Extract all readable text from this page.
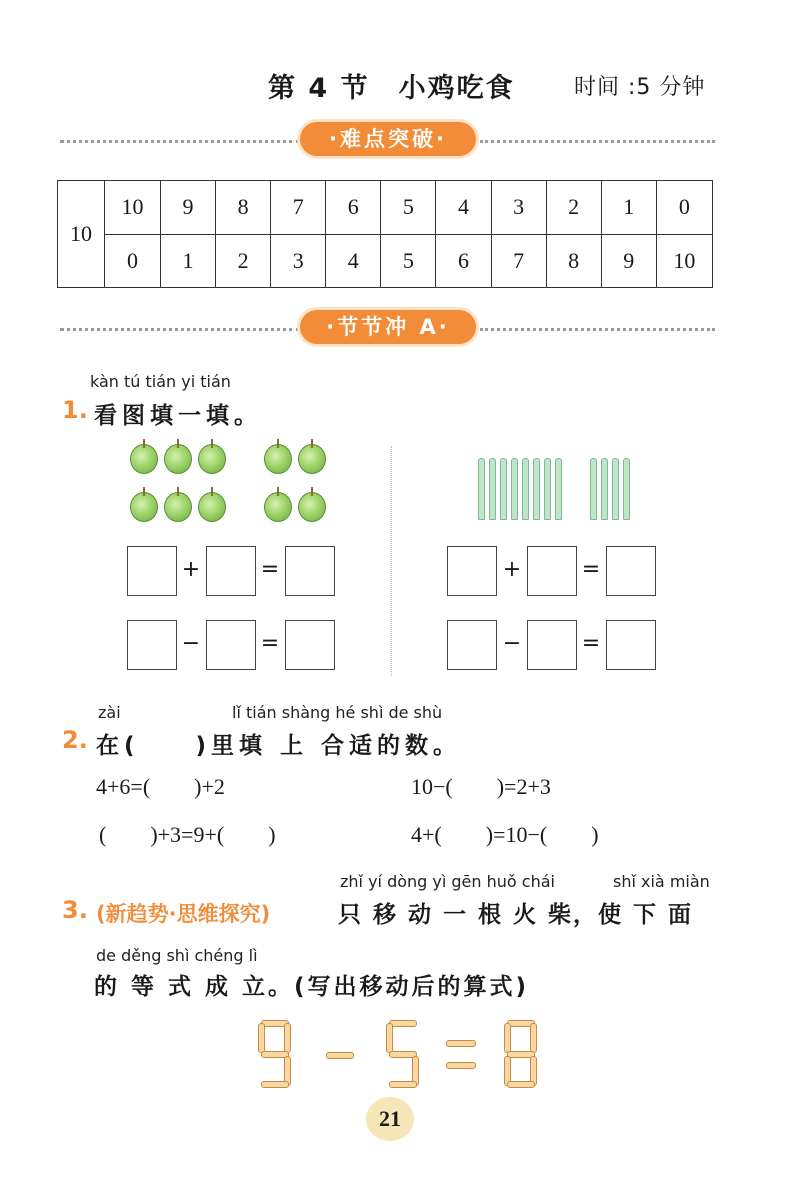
第 4 节　小鸡吃食	时间 :5 分钟
·难点突破·
10	10	9	8	7	6	5	4	3	2	1	0
	0	1	2	3	4	5	6	7	8	9	10
·节节冲 A·
kàn tú tián yi tián
1. 看图填一填。
+	=
−	=
+	=
−	=
zài	lǐ tián shàng hé shì de shù
2. 在(　　)里填 上 合适的数。
4+6=(        )+2	10−(        )=2+3
(        )+3=9+(        )	4+(        )=10−(        )
zhǐ yí dòng yì gēn huǒ chái	shǐ xià miàn
3. (新趋势·思维探究)	只 移 动 一 根 火 柴，使 下 面
de děng shì chéng lì
的 等 式 成 立。(写出移动后的算式)
21
